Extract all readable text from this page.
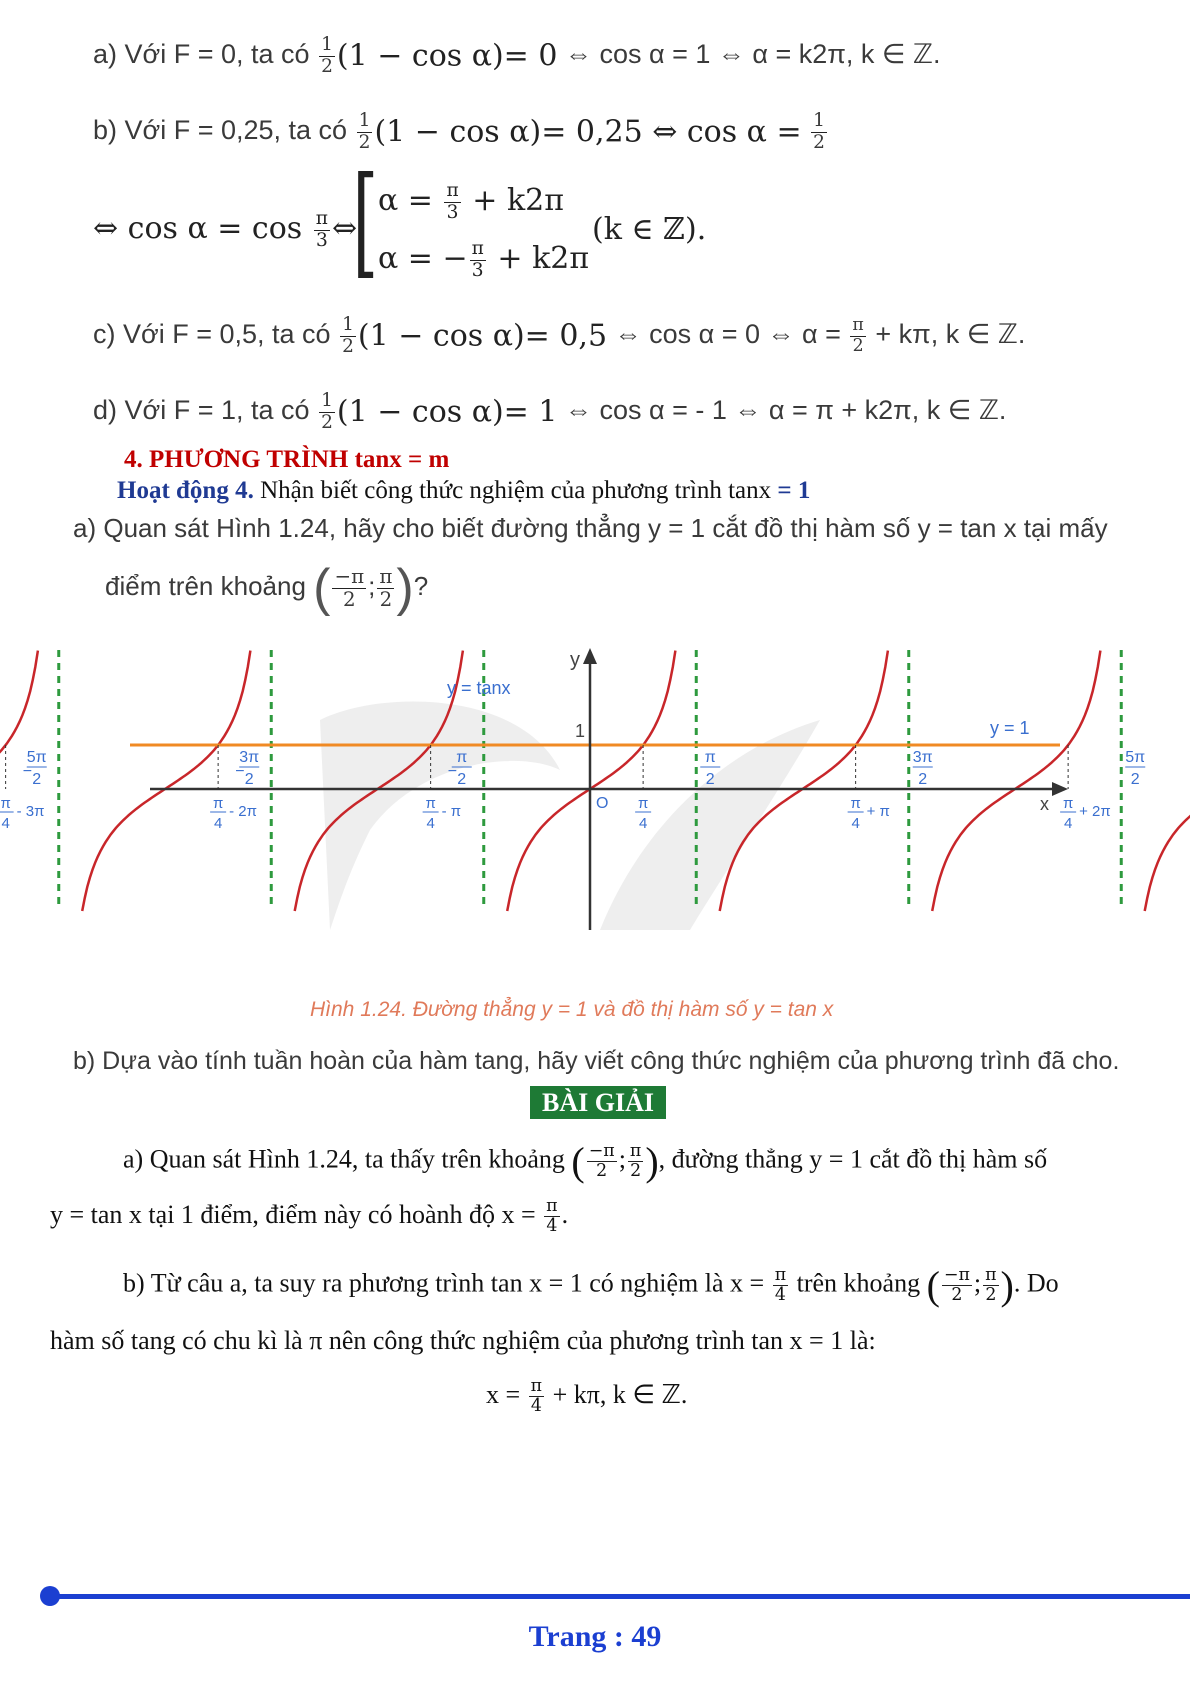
a) Với F = 0, ta có $\frac{1}{2} (1 - \cos \alpha)= 0$ ⇔ cos α = 1 ⇔ α = k2π, k ∈ ℤ.
b) Với F = 0,25, ta có $\frac{1}{2} (1 - \cos \alpha)= 0,25$ ⇔ $\cos \alpha = \frac{1}{2}$
⇔ $\cos \alpha = \cos \frac{\pi}{3}$ ⇔
[ $\alpha = \frac{\pi}{3} + k2\pi$
α = − $\frac{\pi}{3} + k2\pi$
(k ∈ ℤ).
c) Với F = 0,5, ta có $\frac{1}{2} (1 - \cos \alpha)= 0,5$ ⇔ cos α = 0 ⇔ $\alpha = \frac{\pi}{2} + k\pi$, k ∈ ℤ.
d) Với F = 1, ta có $\frac{1}{2} (1 - \cos \alpha)= 1$ ⇔ cos α = - 1 ⇔ α = π + k2π, k ∈ ℤ.
4. PHƯƠNG TRÌNH tanx = m
Hoạt động 4. Nhận biết công thức nghiệm của phương trình tanx = 1
a) Quan sát Hình 1.24, hãy cho biết đường thẳng y = 1 cắt đồ thị hàm số y = tan x tại mấy
điểm trên khoảng ( $\frac{-\pi}{2}$ ; $\frac{\pi}{2}$ )?
−
5π
2	−
3π
2	−
π
2
π
2
3π
2
5π
2
π
4
- 3π	π
4
- 2π	π
4
- π	π
4
π
4
+ π	π
4
+ 2π
O
y
x
1
y = tanx
y = 1
Hình 1.24. Đường thẳng y = 1 và đồ thị hàm số y = tan x
b) Dựa vào tính tuần hoàn của hàm tang, hãy viết công thức nghiệm của phương trình đã cho.
BÀI GIẢI
a) Quan sát Hình 1.24, ta thấy trên khoảng ( $\frac{-\pi}{2}$ ; $\frac{\pi}{2}$ ), đường thẳng y = 1 cắt đồ thị hàm số
y = tan x tại 1 điểm, điểm này có hoành độ $x = \frac{\pi}{4}$ .
b) Từ câu a, ta suy ra phương trình tan x = 1 có nghiệm là $x = \frac{\pi}{4}$ trên khoảng ( $\frac{-\pi}{2}$ ; $\frac{\pi}{2}$ ). Do
hàm số tang có chu kì là π nên công thức nghiệm của phương trình tan x = 1 là:
$x = \frac{\pi}{4} + k\pi$, k ∈ ℤ.
Trang : 49
